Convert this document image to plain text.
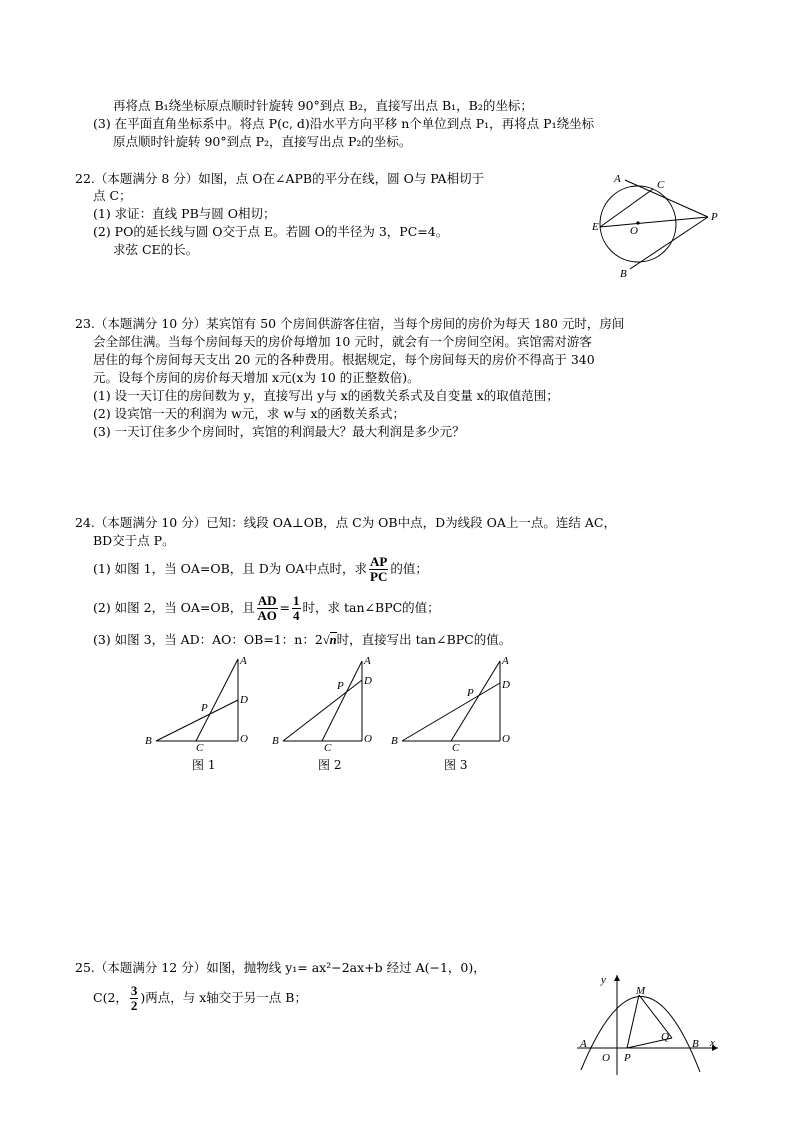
再将点 B₁绕坐标原点顺时针旋转 90°到点 B₂，直接写出点 B₁，B₂的坐标；
(3) 在平面直角坐标系中。将点 P(c, d)沿水平方向平移 n个单位到点 P₁，再将点 P₁绕坐标
原点顺时针旋转 90°到点 P₂，直接写出点 P₂的坐标。
22.（本题满分 8 分）如图，点 O在∠APB的平分在线，圆 O与 PA相切于
点 C；
(1) 求证：直线 PB与圆 O相切；
(2) PO的延长线与圆 O交于点 E。若圆 O的半径为 3，PC=4。
求弦 CE的长。
A	C
P
E	O
B
23.（本题满分 10 分）某宾馆有 50 个房间供游客住宿，当每个房间的房价为每天 180 元时，房间
会全部住满。当每个房间每天的房价每增加 10 元时，就会有一个房间空闲。宾馆需对游客
居住的每个房间每天支出 20 元的各种费用。根据规定，每个房间每天的房价不得高于 340
元。设每个房间的房价每天增加 x元(x为 10 的正整数倍)。
(1) 设一天订住的房间数为 y，直接写出 y与 x的函数关系式及自变量 x的取值范围；
(2) 设宾馆一天的利润为 w元，求 w与 x的函数关系式；
(3) 一天订住多少个房间时，宾馆的利润最大？最大利润是多少元？
24.（本题满分 10 分）已知：线段 OA⊥OB，点 C为 OB中点，D为线段 OA上一点。连结 AC，
BD交于点 P。
(1) 如图 1，当 OA=OB，且 D为 OA中点时，求 $\frac{AP}{PC}$ 的值；
(2) 如图 2，当 OA=OB，且 $\frac{AD}{AO} = \frac{1}{4}$ 时，求 tan∠BPC的值；
(3) 如图 3，当 AD：AO：OB=1：n：2√n时，直接写出 tan∠BPC的值。
A
D
P
B
C
O
图 1
A
D
P
B
C
O
图 2
A
D
P
B
C
O
图 3
25.（本题满分 12 分）如图，抛物线 y₁= ax²−2ax+b 经过 A(−1，0)，
C(2， $\frac{3}{2}$ )两点，与 x轴交于另一点 B；
y
M
Q
A	B x
O P
